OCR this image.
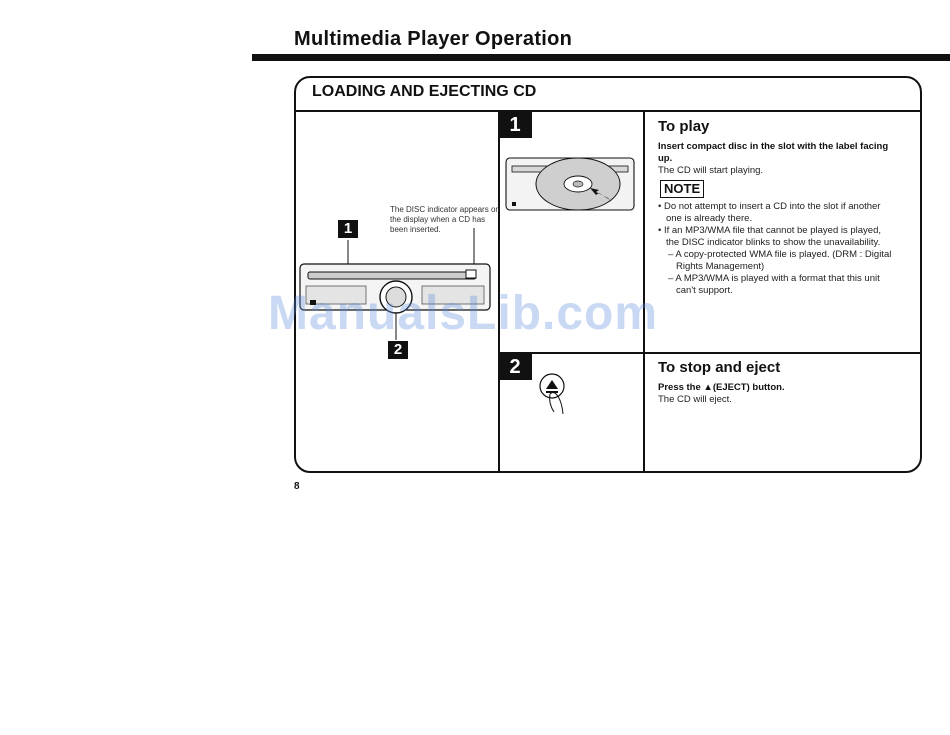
Multimedia Player Operation
LOADING AND EJECTING CD
The DISC indicator appears on the display when a CD has been inserted.
1
2
1	To play
Insert compact disc in the slot with the label facing up.
The CD will start playing.
NOTE
• Do not attempt to insert a CD into the slot if another one is already there.
• If an MP3/WMA file that cannot be played is played, the DISC indicator blinks to show the unavailability.
– A copy-protected WMA file is played. (DRM : Digital Rights Management)
– A MP3/WMA is played with a format that this unit can't support.
2	To stop and eject
Press the ▲(EJECT) button.
The CD will eject.
ManualsLib.com
8
